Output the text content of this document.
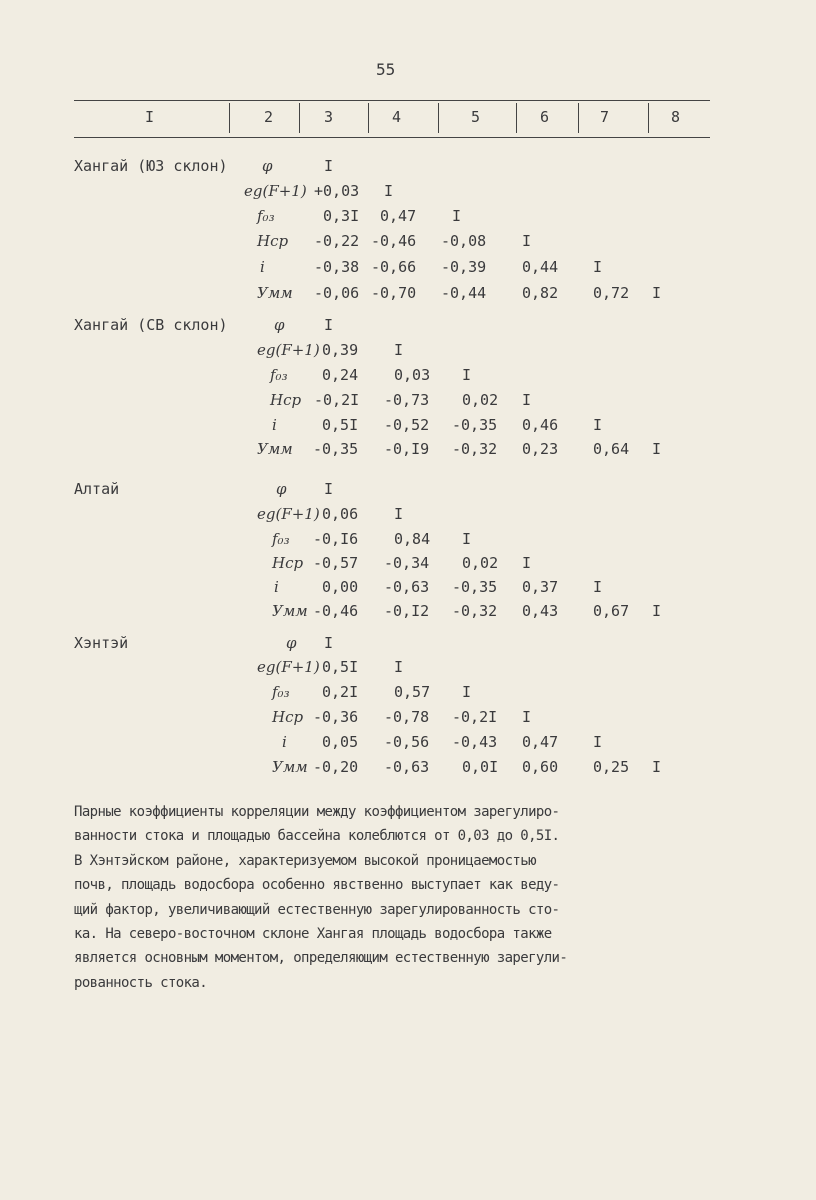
55
I	2	3	4	5	6	7	8
Хангай (ЮЗ склон) φ	I
eg(F+1) +0,03 I
f₀₃	0,3I 0,47 I
Hср -0,22 -0,46 -0,08 I
i	-0,38 -0,66 -0,39 0,44 I
Умм -0,06 -0,70 -0,44 0,82 0,72 I
Хангай (СВ склон)	φ	I
eg(F+1) 0,39 I
f₀₃ 0,24 0,03 I
Hср -0,2I -0,73 0,02 I
i	0,5I -0,52 -0,35 0,46 I
Умм -0,35 -0,I9 -0,32 0,23 0,64 I
Алтай	φ I
eg(F+1) 0,06 I
f₀₃ -0,I6 0,84 I
Hср -0,57 -0,34 0,02 I
i	0,00 -0,63 -0,35 0,37 I
Умм -0,46 -0,I2 -0,32 0,43 0,67 I
Хэнтэй	φ I
eg(F+1) 0,5I I
f₀₃ 0,2I 0,57 I
Hср -0,36 -0,78 -0,2I I
i 0,05 -0,56 -0,43 0,47 I
Умм -0,20 -0,63 0,0I 0,60 0,25 I
Парные коэффициенты корреляции между коэффициентом зарегулиро-
ванности стока и площадью бассейна колеблются от 0,03 до 0,5I.
В Хэнтэйском районе, характеризуемом высокой проницаемостью
почв, площадь водосбора особенно явственно выступает как веду-
щий фактор, увеличивающий естественную зарегулированность сто-
ка. На северо-восточном склоне Хангая площадь водосбора также
является основным моментом, определяющим естественную зарегули-
рованность стока.
